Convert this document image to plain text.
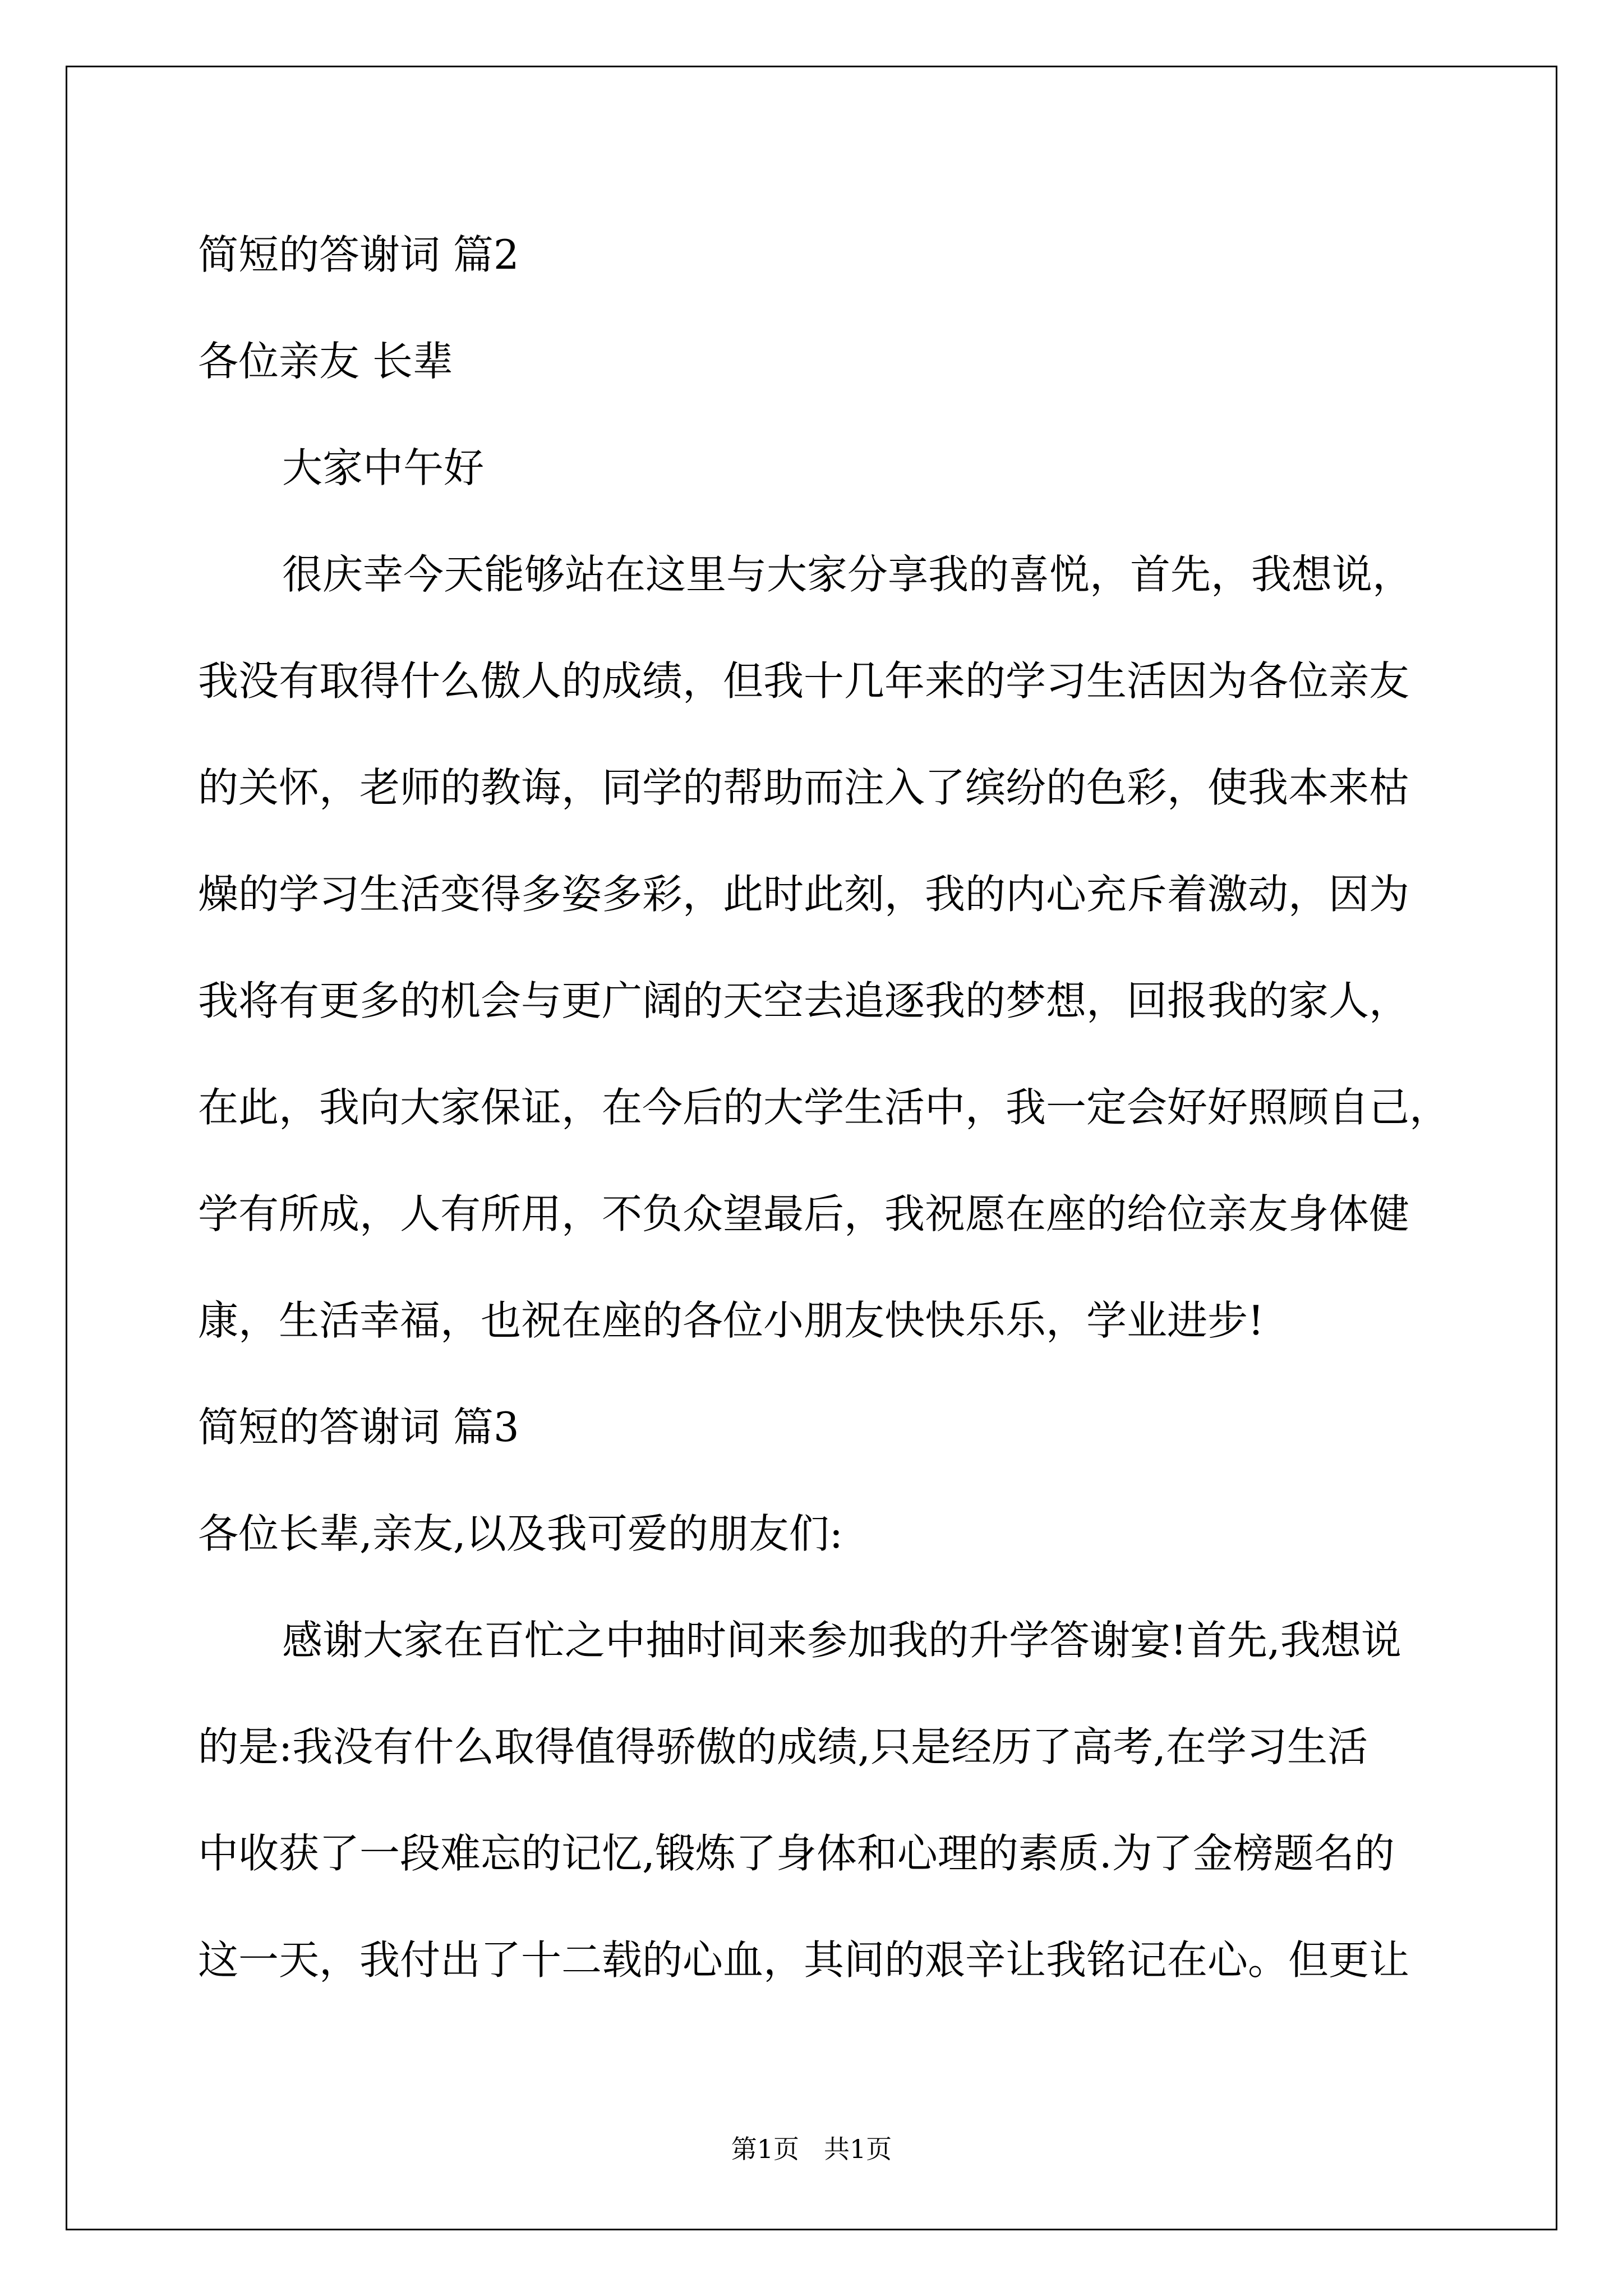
简短的答谢词 篇2
各位亲友 长辈
大家中午好
很庆幸今天能够站在这里与大家分享我的喜悦，首先，我想说，
我没有取得什么傲人的成绩，但我十几年来的学习生活因为各位亲友
的关怀，老师的教诲，同学的帮助而注入了缤纷的色彩，使我本来枯
燥的学习生活变得多姿多彩，此时此刻，我的内心充斥着激动，因为
我将有更多的机会与更广阔的天空去追逐我的梦想，回报我的家人，
在此，我向大家保证，在今后的大学生活中，我一定会好好照顾自己，
学有所成，人有所用，不负众望最后，我祝愿在座的给位亲友身体健
康，生活幸福，也祝在座的各位小朋友快快乐乐，学业进步!
简短的答谢词 篇3
各位长辈,亲友,以及我可爱的朋友们:
感谢大家在百忙之中抽时间来参加我的升学答谢宴!首先,我想说
的是:我没有什么取得值得骄傲的成绩,只是经历了高考,在学习生活
中收获了一段难忘的记忆,锻炼了身体和心理的素质.为了金榜题名的
这一天，我付出了十二载的心血，其间的艰辛让我铭记在心。但更让
第1页 共1页
